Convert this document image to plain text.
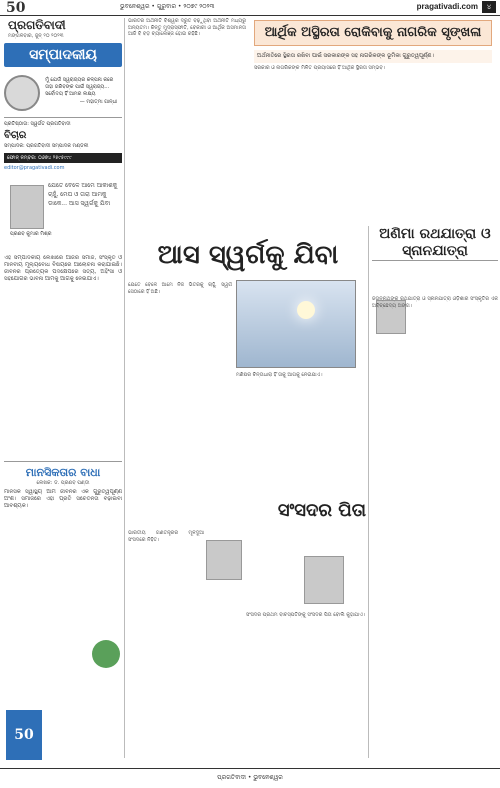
50	ଭୁବନେଶ୍ୱର • ଗୁରୁବାର • ୨୦୭୯ ୨୦୨୩	pragativadi.com	୪
ପ୍ରଗତିବାଦୀ
ମଙ୍ଗଳବାର, ଜୁନ୍ ୨୦ ୨୦୨୩
ସମ୍ପାଦକୀୟ
ମୁଁ ଯେଉଁ ସ୍ୱରାଜ୍ୟର କଳ୍ପନା କରେ ତାହା ଗରିବଙ୍କ ପାଇଁ ସ୍ୱରାଜ୍ୟ... ସର୍ବୋଦୟ ହିଁ ଆମର ଲକ୍ଷ୍ୟ
— ମହାତ୍ମା ଗାନ୍ଧୀ
ପ୍ରତିଷ୍ଠାତା: ସ୍ୱର୍ଗତ ପ୍ରଗତିବାଦୀ
ବିଚାର
ସମ୍ପାଦକ: ପ୍ରଗତିବାଦୀ ସମ୍ପାଦକ ମଣ୍ଡଳୀ
ଫୋନ୍ ନମ୍ବର: ୦୬୭୪ ୨୫୯୫୯୯୯
editor@pragativadi.com
ପ୍ରଣବ କୁମାର ମିଶ୍ର
ଯେତେ ବେଳେ ଆମେ ଆକାଶକୁ ଚାହୁଁ, ମେଘ ଓ ତାରା ଆମକୁ ଡାକେ... ଆସ ସ୍ୱର୍ଗକୁ ଯିବା
ଏହି ସମ୍ପାଦକୀୟ ଲେଖାରେ ଆଜିର ସମାଜ, ସଂସ୍କୃତି ଓ ମାନବୀୟ ମୂଲ୍ୟବୋଧ ବିଷୟରେ ଆଲୋଚନା କରାଯାଇଛି। ଜୀବନର ପ୍ରତ୍ୟେକ ପଦକ୍ଷେପରେ ସତ୍ୟ, ଅହିଂସା ଓ ସହଯୋଗର ଭାବନା ଆମକୁ ଆଗକୁ ନେଇଯାଏ।
ମାନସିକତାର ବାଧା
ଲେଖକ: ଡ. ପ୍ରଣବ ପଣ୍ଡା
ମାନସିକ ସ୍ୱାସ୍ଥ୍ୟ ଆମ ଜୀବନର ଏକ ଗୁରୁତ୍ୱପୂର୍ଣ୍ଣ ଅଂଶ। ସମାଜରେ ଏହା ପ୍ରତି ସଚେତନତା ବଢ଼ାଇବା ଆବଶ୍ୟକ।
50
ଭାରତର ଅର୍ଥନୀତି ବିଶ୍ୱର ଦ୍ରୁତ ବଢ଼ୁଥିବା ଅର୍ଥନୀତି ମଧ୍ୟରୁ ଅନ୍ୟତମ। କିନ୍ତୁ ମୁଦ୍ରାସ୍ଫୀତି, ବେକାରୀ ଓ ଆର୍ଥିକ ଅସମାନତା ଆଜି ବି ବଡ଼ ଚ୍ୟାଲେଞ୍ଜ ହୋଇ ରହିଛି।	ଆର୍ଥିକ ଅସ୍ଥିରତା ରୋକିବାକୁ ନାଗରିକ ସୃଙ୍ଖଳା
ଅର୍ଥନୀତିରେ ସ୍ଥିରତା ରଖିବା ପାଇଁ ସରକାରଙ୍କ ସହ ନାଗରିକଙ୍କ ଭୂମିକା ଗୁରୁତ୍ୱପୂର୍ଣ୍ଣ।
ସରକାର ଓ ନାଗରିକଙ୍କ ମିଳିତ ପ୍ରୟାସରେ ହିଁ ଆର୍ଥିକ ସ୍ଥିରତା ସମ୍ଭବ।
ଆସ ସ୍ୱର୍ଗକୁ ଯିବା
ଯେତେ ବେଳେ ଆମେ ନିଜ ଭିତରକୁ ଚାହୁଁ, ସ୍ୱର୍ଗ ସେଠାରେ ହିଁ ଅଛି।
ମଣିଷର ଚିନ୍ତାଧାରା ହିଁ ତାକୁ ଆଗକୁ ନେଇଯାଏ।
ଅଣିମା ରଥଯାତ୍ରା ଓ ସ୍ନାନଯାତ୍ରା
ଜଗନ୍ନାଥଙ୍କ ରଥଯାତ୍ରା ଓ ସ୍ନାନଯାତ୍ରା ଓଡ଼ିଶାର ସଂସ୍କୃତିର ଏକ ଅବିଚ୍ଛେଦ୍ୟ ଅଙ୍ଗ।
ସଂସଦର ପିତା
ଭାରତୀୟ ଗଣତନ୍ତ୍ରର ମୂଳଦୁଆ ସଂସଦରେ ନିହିତ।
ସଂସଦର ପ୍ରଥମ ବାଚସ୍ପତିଙ୍କୁ ସଂସଦର ପିତା ବୋଲି କୁହାଯାଏ।
ପ୍ରଗତିବାଦୀ • ଭୁବନେଶ୍ୱର
